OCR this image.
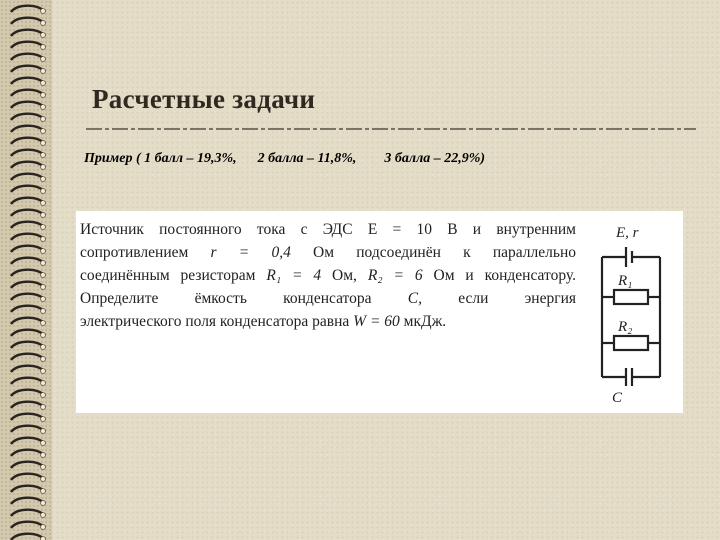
Расчетные задачи
Пример ( 1 балл – 19,3%,      2 балла – 11,8%,        3 балла – 22,9%)

Источник постоянного тока с ЭДС E = 10 В и внутренним

сопротивлением r = 0,4 Ом подсоединён к параллельно

соединённым резисторам R₁ = 4 Ом, R₂ = 6 Ом и конденсатору.

Определите ёмкость конденсатора C, если энергия

электрического поля конденсатора равна W = 60 мкДж.

E, r
R₁
R₂
C
